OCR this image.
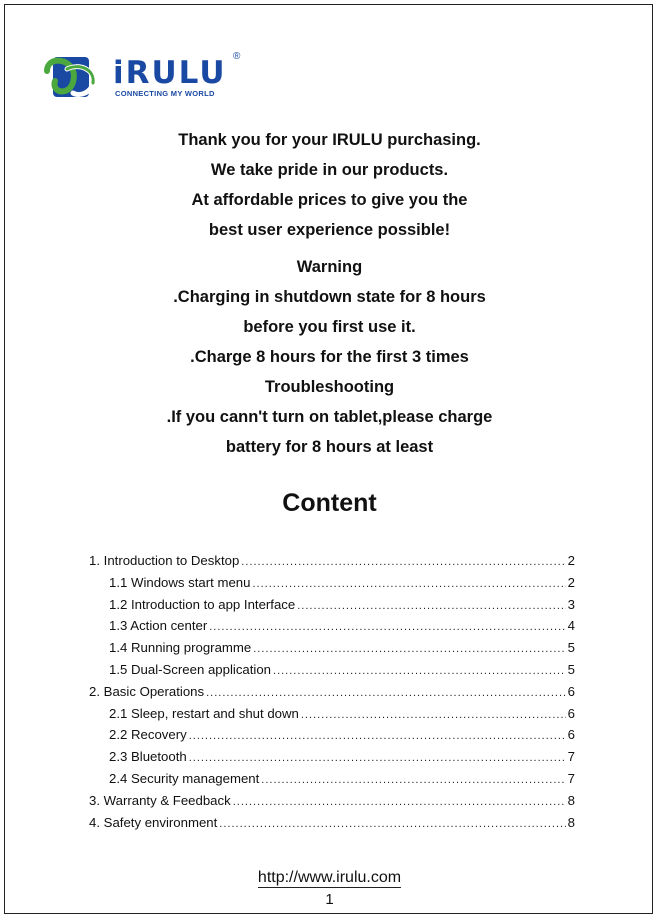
iRULU ®
CONNECTING MY WORLD
Thank you for your IRULU purchasing.
We take pride in our products.
At affordable prices to give you the
best user experience possible!
Warning
.Charging in shutdown state for 8 hours
before you first use it.
.Charge 8 hours for the first 3 times
Troubleshooting
.If you cann't turn on tablet,please charge
battery for 8 hours at least
Content
1. Introduction to Desktop .....	2
1.1 Windows start menu .....	2
1.2 Introduction to app Interface .....	3
1.3 Action center .....	4
1.4 Running programme .....	5
1.5 Dual-Screen application .....	5
2. Basic Operations .....	6
2.1 Sleep, restart and shut down .....	6
2.2 Recovery .....	6
2.3 Bluetooth .....	7
2.4 Security management .....	7
3. Warranty & Feedback .....	8
4. Safety environment .....	8
http://www.irulu.com
1
